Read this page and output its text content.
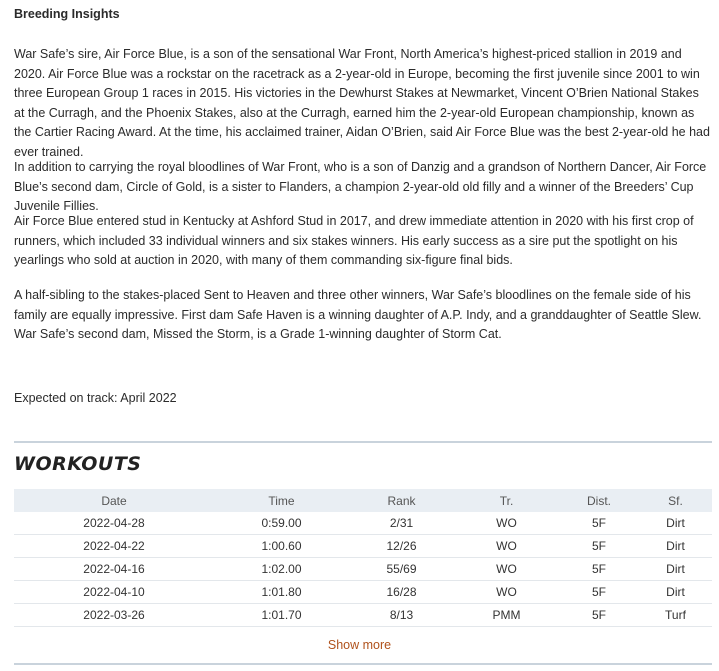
Breeding Insights

War Safe’s sire, Air Force Blue, is a son of the sensational War Front, North America’s highest-priced stallion in 2019 and 2020. Air Force Blue was a rockstar on the racetrack as a 2-year-old in Europe, becoming the first juvenile since 2001 to win three European Group 1 races in 2015. His victories in the Dewhurst Stakes at Newmarket, Vincent O’Brien National Stakes at the Curragh, and the Phoenix Stakes, also at the Curragh, earned him the 2-year-old European championship, known as the Cartier Racing Award. At the time, his acclaimed trainer, Aidan O’Brien, said Air Force Blue was the best 2-year-old he had ever trained.

In addition to carrying the royal bloodlines of War Front, who is a son of Danzig and a grandson of Northern Dancer, Air Force Blue’s second dam, Circle of Gold, is a sister to Flanders, a champion 2-year-old old filly and a winner of the Breeders’ Cup Juvenile Fillies.

Air Force Blue entered stud in Kentucky at Ashford Stud in 2017, and drew immediate attention in 2020 with his first crop of runners, which included 33 individual winners and six stakes winners. His early success as a sire put the spotlight on his yearlings who sold at auction in 2020, with many of them commanding six-figure final bids.

A half-sibling to the stakes-placed Sent to Heaven and three other winners, War Safe’s bloodlines on the female side of his family are equally impressive. First dam Safe Haven is a winning daughter of A.P. Indy, and a granddaughter of Seattle Slew. War Safe’s second dam, Missed the Storm, is a Grade 1-winning daughter of Storm Cat.

Expected on track: April 2022
WORKOUTS
Date	Time	Rank	Tr.	Dist.	Sf.
2022-04-28	0:59.00	2/31	WO	5F	Dirt
2022-04-22	1:00.60	12/26	WO	5F	Dirt
2022-04-16	1:02.00	55/69	WO	5F	Dirt
2022-04-10	1:01.80	16/28	WO	5F	Dirt
2022-03-26	1:01.70	8/13	PMM	5F	Turf
Show more
